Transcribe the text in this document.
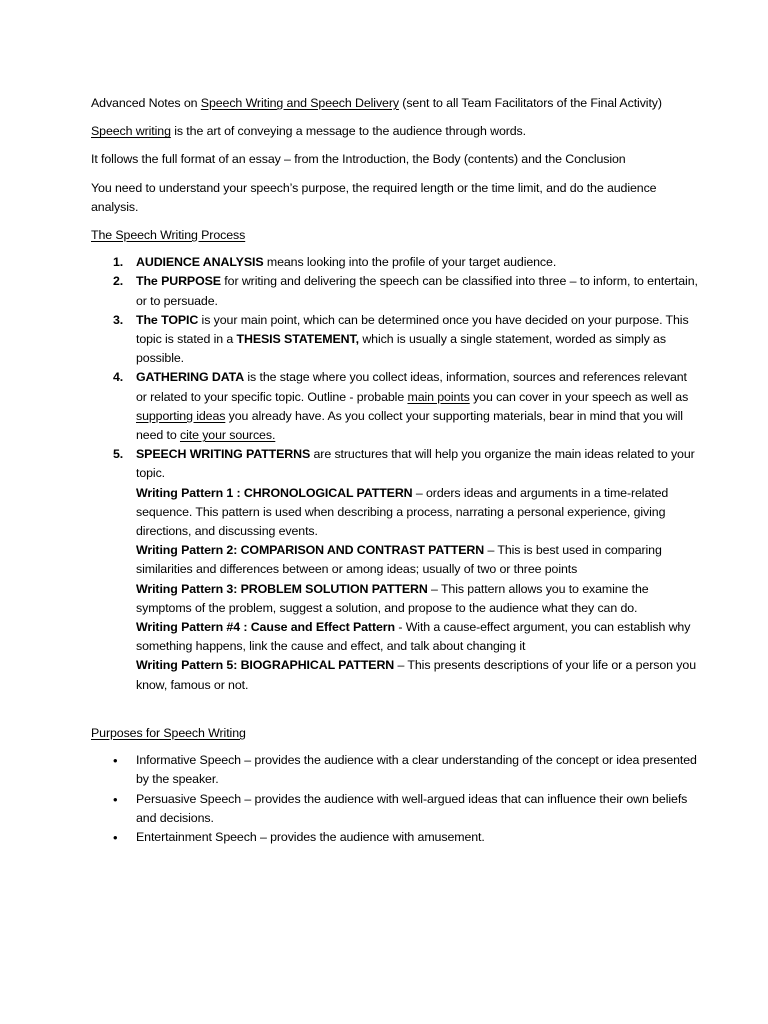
Advanced Notes on Speech Writing and Speech Delivery (sent to all Team Facilitators of the Final Activity)

Speech writing is the art of conveying a message to the audience through words.

It follows the full format of an essay – from the Introduction, the Body (contents) and the Conclusion

You need to understand your speech’s purpose, the required length or the time limit, and do the audience analysis.

The Speech Writing Process

1. AUDIENCE ANALYSIS means looking into the profile of your target audience.

2. The PURPOSE for writing and delivering the speech can be classified into three – to inform, to entertain, or to persuade.

3. The TOPIC is your main point, which can be determined once you have decided on your purpose. This topic is stated in a THESIS STATEMENT, which is usually a single statement, worded as simply as possible.

4. GATHERING DATA is the stage where you collect ideas, information, sources and references relevant or related to your specific topic. Outline - probable main points you can cover in your speech as well as supporting ideas you already have. As you collect your supporting materials, bear in mind that you will need to cite your sources.

5. SPEECH WRITING PATTERNS are structures that will help you organize the main ideas related to your topic.

Writing Pattern 1 : CHRONOLOGICAL PATTERN – orders ideas and arguments in a time-related sequence. This pattern is used when describing a process, narrating a personal experience, giving directions, and discussing events.

Writing Pattern 2: COMPARISON AND CONTRAST PATTERN – This is best used in comparing similarities and differences between or among ideas; usually of two or three points

Writing Pattern 3: PROBLEM SOLUTION PATTERN – This pattern allows you to examine the symptoms of the problem, suggest a solution, and propose to the audience what they can do.

Writing Pattern #4 : Cause and Effect Pattern - With a cause-effect argument, you can establish why something happens, link the cause and effect, and talk about changing it

Writing Pattern 5: BIOGRAPHICAL PATTERN – This presents descriptions of your life or a person you know, famous or not.

Purposes for Speech Writing

• Informative Speech – provides the audience with a clear understanding of the concept or idea presented by the speaker.

• Persuasive Speech – provides the audience with well-argued ideas that can influence their own beliefs and decisions.

• Entertainment Speech – provides the audience with amusement.
